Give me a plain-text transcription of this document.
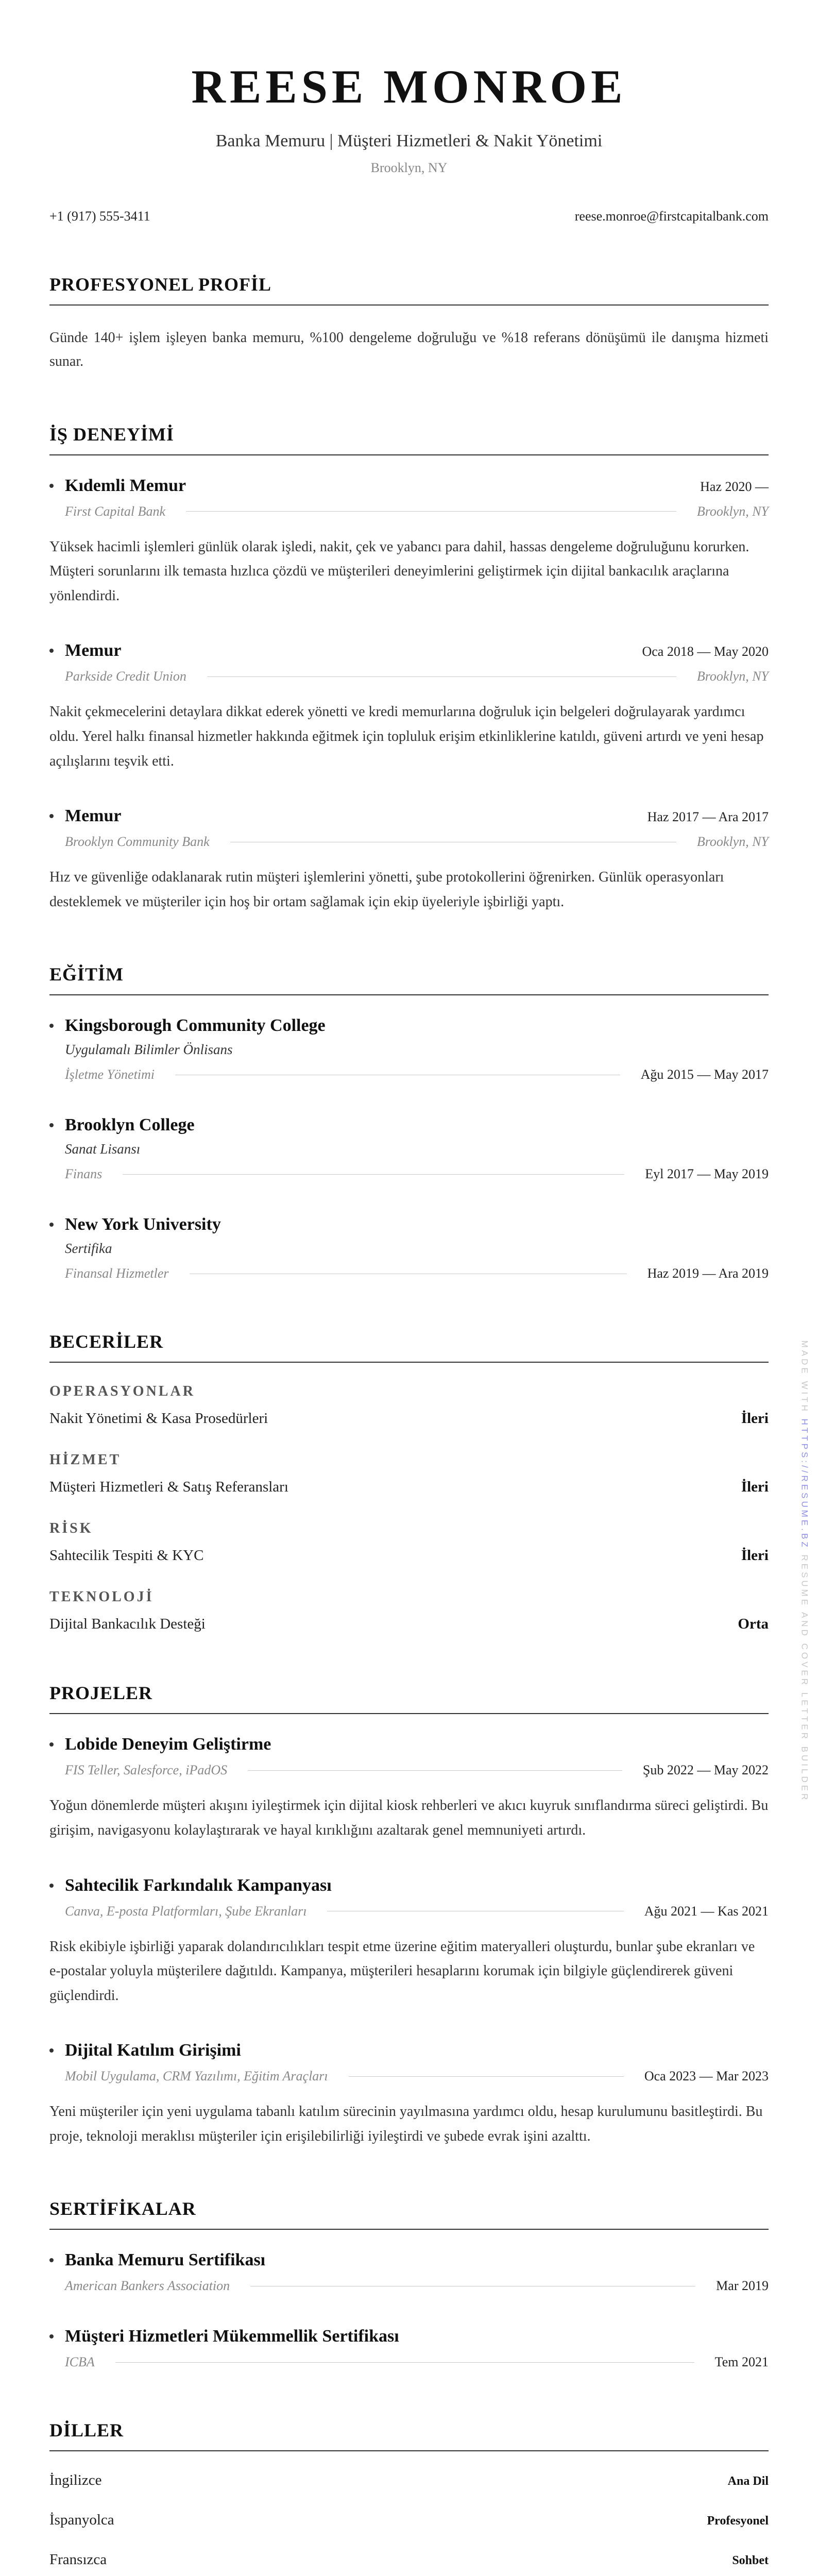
REESE MONROE
Banka Memuru | Müşteri Hizmetleri & Nakit Yönetimi
Brooklyn, NY
+1 (917) 555-3411	reese.monroe@firstcapitalbank.com
PROFESYONEL PROFİL

Günde 140+ işlem işleyen banka memuru, %100 dengeleme doğruluğu ve %18 referans dönüşümü ile danışma hizmeti sunar.

İŞ DENEYİMİ
Kıdemli Memur	Haz 2020 —
First Capital Bank	Brooklyn, NY

Yüksek hacimli işlemleri günlük olarak işledi, nakit, çek ve yabancı para dahil, hassas dengeleme doğruluğunu korurken. Müşteri sorunlarını ilk temasta hızlıca çözdü ve müşterileri deneyimlerini geliştirmek için dijital bankacılık araçlarına yönlendirdi.

Memur	Oca 2018 — May 2020
Parkside Credit Union	Brooklyn, NY

Nakit çekmecelerini detaylara dikkat ederek yönetti ve kredi memurlarına doğruluk için belgeleri doğrulayarak yardımcı oldu. Yerel halkı finansal hizmetler hakkında eğitmek için topluluk erişim etkinliklerine katıldı, güveni artırdı ve yeni hesap açılışlarını teşvik etti.

Memur	Haz 2017 — Ara 2017
Brooklyn Community Bank	Brooklyn, NY

Hız ve güvenliğe odaklanarak rutin müşteri işlemlerini yönetti, şube protokollerini öğrenirken. Günlük operasyonları desteklemek ve müşteriler için hoş bir ortam sağlamak için ekip üyeleriyle işbirliği yaptı.

EĞİTİM
Kingsborough Community College
Uygulamalı Bilimler Önlisans
İşletme Yönetimi	Ağu 2015 — May 2017
Brooklyn College
Sanat Lisansı
Finans	Eyl 2017 — May 2019
New York University
Sertifika
Finansal Hizmetler	Haz 2019 — Ara 2019
BECERİLER
OPERASYONLAR
Nakit Yönetimi & Kasa Prosedürleri	İleri
HİZMET
Müşteri Hizmetleri & Satış Referansları	İleri
RİSK
Sahtecilik Tespiti & KYC	İleri
TEKNOLOJİ
Dijital Bankacılık Desteği	Orta
PROJELER
Lobide Deneyim Geliştirme
FIS Teller, Salesforce, iPadOS	Şub 2022 — May 2022

Yoğun dönemlerde müşteri akışını iyileştirmek için dijital kiosk rehberleri ve akıcı kuyruk sınıflandırma süreci geliştirdi. Bu girişim, navigasyonu kolaylaştırarak ve hayal kırıklığını azaltarak genel memnuniyeti artırdı.

Sahtecilik Farkındalık Kampanyası
Canva, E-posta Platformları, Şube Ekranları	Ağu 2021 — Kas 2021

Risk ekibiyle işbirliği yaparak dolandırıcılıkları tespit etme üzerine eğitim materyalleri oluşturdu, bunlar şube ekranları ve e-postalar yoluyla müşterilere dağıtıldı. Kampanya, müşterileri hesaplarını korumak için bilgiyle güçlendirerek güveni güçlendirdi.

Dijital Katılım Girişimi
Mobil Uygulama, CRM Yazılımı, Eğitim Araçları	Oca 2023 — Mar 2023

Yeni müşteriler için yeni uygulama tabanlı katılım sürecinin yayılmasına yardımcı oldu, hesap kurulumunu basitleştirdi. Bu proje, teknoloji meraklısı müşteriler için erişilebilirliği iyileştirdi ve şubede evrak işini azalttı.

SERTİFİKALAR
Banka Memuru Sertifikası
American Bankers Association	Mar 2019
Müşteri Hizmetleri Mükemmellik Sertifikası
ICBA	Tem 2021
DİLLER
İngilizce	Ana Dil
İspanyolca	Profesyonel
Fransızca	Sohbet

MADE WITH HTTPS://RESUME.BZ RESUME AND COVER LETTER BUILDER
